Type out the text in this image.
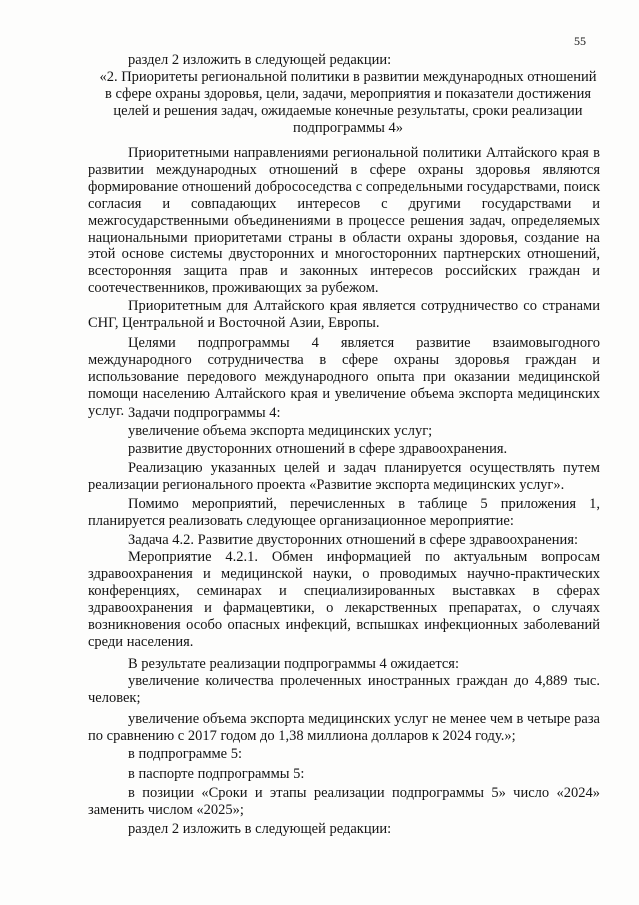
55

раздел 2 изложить в следующей редакции:

«2. Приоритеты региональной политики в развитии международных отношений в сфере охраны здоровья, цели, задачи, мероприятия и показатели достижения целей и решения задач, ожидаемые конечные результаты, сроки реализации подпрограммы 4»

Приоритетными направлениями региональной политики Алтайского края в развитии международных отношений в сфере охраны здоровья являются формирование отношений добрососедства с сопредельными государствами, поиск согласия и совпадающих интересов с другими государствами и межгосударственными объединениями в процессе решения задач, определяемых национальными приоритетами страны в области охраны здоровья, создание на этой основе системы двусторонних и многосторонних партнерских отношений, всесторонняя защита прав и законных интересов российских граждан и соотечественников, проживающих за рубежом.

Приоритетным для Алтайского края является сотрудничество со странами СНГ, Центральной и Восточной Азии, Европы.

Целями подпрограммы 4 является развитие взаимовыгодного международного сотрудничества в сфере охраны здоровья граждан и использование передового международного опыта при оказании медицинской помощи населению Алтайского края и увеличение объема экспорта медицинских услуг. Задачи подпрограммы 4:

увеличение объема экспорта медицинских услуг;

развитие двусторонних отношений в сфере здравоохранения.

Реализацию указанных целей и задач планируется осуществлять путем реализации регионального проекта «Развитие экспорта медицинских услуг».

Помимо мероприятий, перечисленных в таблице 5 приложения 1, планируется реализовать следующее организационное мероприятие:

Задача 4.2. Развитие двусторонних отношений в сфере здравоохранения:

Мероприятие 4.2.1. Обмен информацией по актуальным вопросам здравоохранения и медицинской науки, о проводимых научно-практических конференциях, семинарах и специализированных выставках в сферах здравоохранения и фармацевтики, о лекарственных препаратах, о случаях возникновения особо опасных инфекций, вспышках инфекционных заболеваний среди населения.

В результате реализации подпрограммы 4 ожидается:

увеличение количества пролеченных иностранных граждан до 4,889 тыс. человек;

увеличение объема экспорта медицинских услуг не менее чем в четыре раза по сравнению с 2017 годом до 1,38 миллиона долларов к 2024 году.»;

в подпрограмме 5:

в паспорте подпрограммы 5:

в позиции «Сроки и этапы реализации подпрограммы 5» число «2024» заменить числом «2025»;

раздел 2 изложить в следующей редакции:
